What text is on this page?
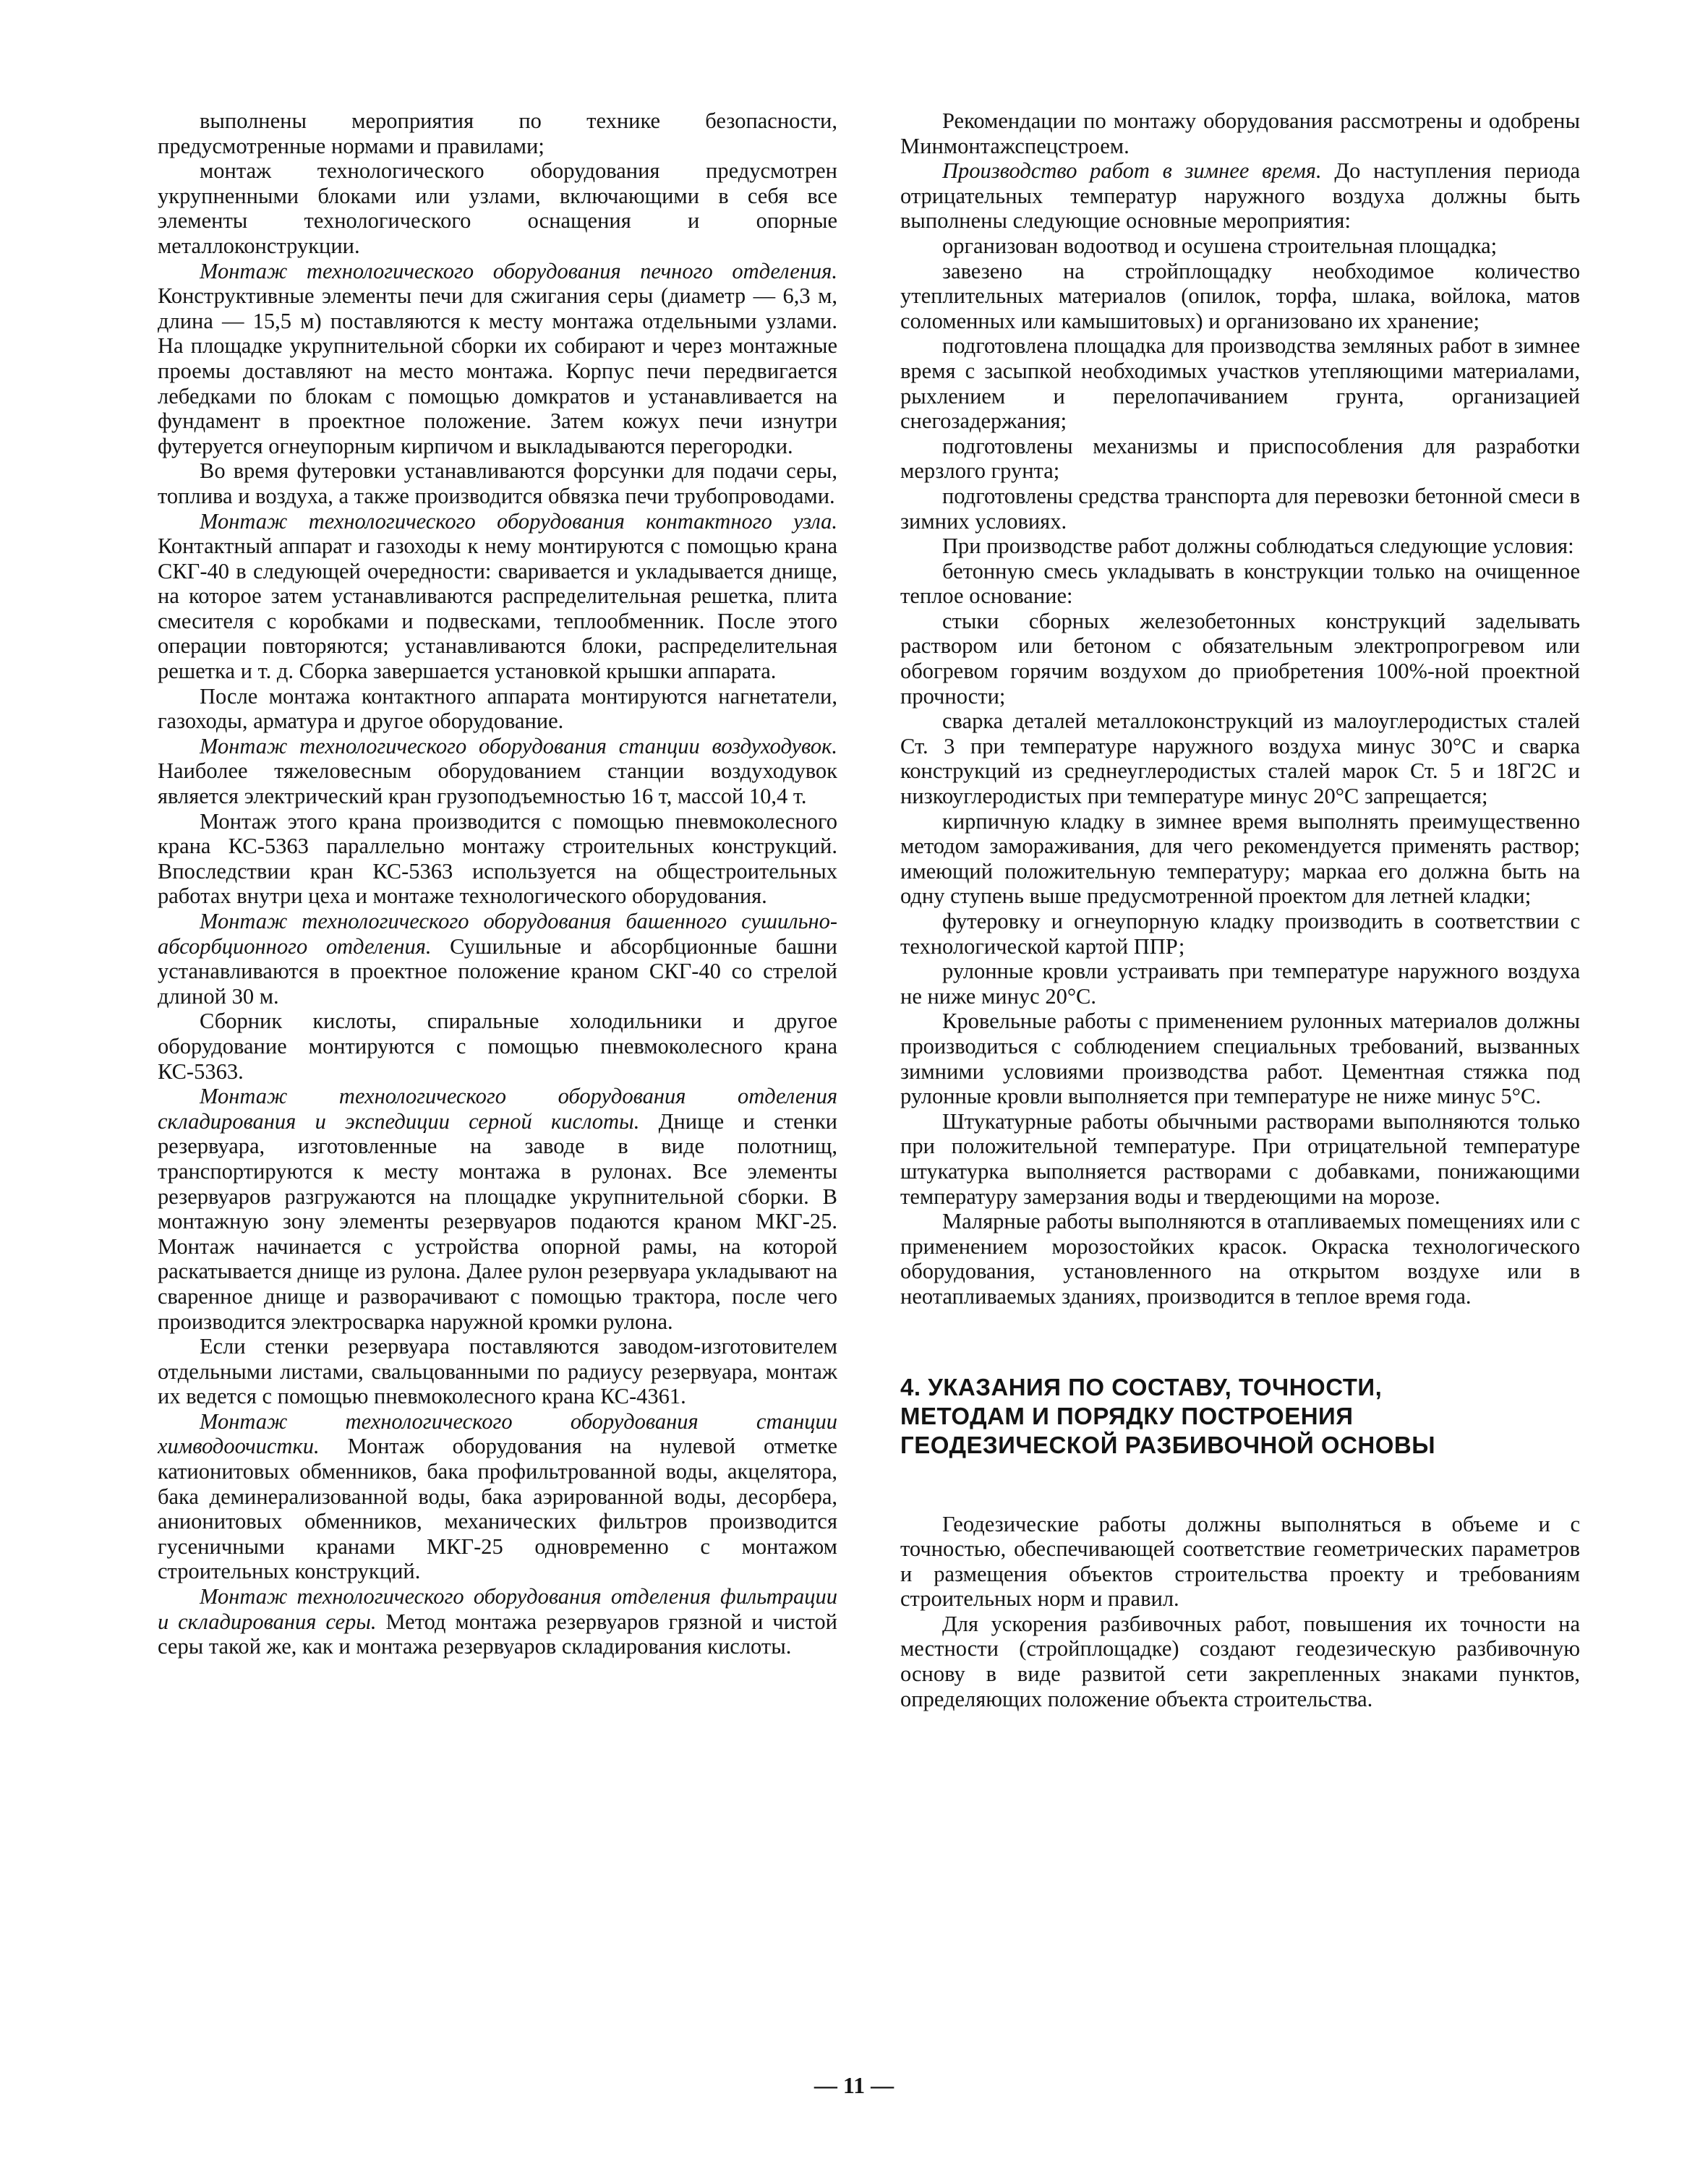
выполнены мероприятия по технике безопасности, предусмотренные нормами и правилами;

монтаж технологического оборудования предусмотрен укрупненными блоками или узлами, включающими в себя все элементы технологического оснащения и опорные металлоконструкции.

Монтаж технологического оборудования печного отделения. Конструктивные элементы печи для сжигания серы (диаметр — 6,3 м, длина — 15,5 м) поставляются к месту монтажа отдельными узлами. На площадке укрупнительной сборки их собирают и через монтажные проемы доставляют на место монтажа. Корпус печи передвигается лебедками по блокам с помощью домкратов и устанавливается на фундамент в проектное положение. Затем кожух печи изнутри футеруется огнеупорным кирпичом и выкладываются перегородки.

Во время футеровки устанавливаются форсунки для подачи серы, топлива и воздуха, а также производится обвязка печи трубопроводами.

Монтаж технологического оборудования контактного узла. Контактный аппарат и газоходы к нему монтируются с помощью крана СКГ-40 в следующей очередности: сваривается и укладывается днище, на которое затем устанавливаются распределительная решетка, плита смесителя с коробками и подвесками, теплообменник. После этого операции повторяются; устанавливаются блоки, распределительная решетка и т. д. Сборка завершается установкой крышки аппарата.

После монтажа контактного аппарата монтируются нагнетатели, газоходы, арматура и другое оборудование.

Монтаж технологического оборудования станции воздуходувок. Наиболее тяжеловесным оборудованием станции воздуходувок является электрический кран грузоподъемностью 16 т, массой 10,4 т.

Монтаж этого крана производится с помощью пневмоколесного крана КС-5363 параллельно монтажу строительных конструкций. Впоследствии кран КС-5363 используется на общестроительных работах внутри цеха и монтаже технологического оборудования.

Монтаж технологического оборудования башенного сушильно-абсорбционного отделения. Сушильные и абсорбционные башни устанавливаются в проектное положение краном СКГ-40 со стрелой длиной 30 м.

Сборник кислоты, спиральные холодильники и другое оборудование монтируются с помощью пневмоколесного крана КС-5363.

Монтаж технологического оборудования отделения складирования и экспедиции серной кислоты. Днище и стенки резервуара, изготовленные на заводе в виде полотнищ, транспортируются к месту монтажа в рулонах. Все элементы резервуаров разгружаются на площадке укрупнительной сборки. В монтажную зону элементы резервуаров подаются краном МКГ-25. Монтаж начинается с устройства опорной рамы, на которой раскатывается днище из рулона. Далее рулон резервуара укладывают на сваренное днище и разворачивают с помощью трактора, после чего производится электросварка наружной кромки рулона.

Если стенки резервуара поставляются заводом-изготовителем отдельными листами, свальцованными по радиусу резервуара, монтаж их ведется с помощью пневмоколесного крана КС-4361.

Монтаж технологического оборудования станции химводоочистки. Монтаж оборудования на нулевой отметке катионитовых обменников, бака профильтрованной воды, акцелятора, бака деминерализованной воды, бака аэрированной воды, десорбера, анионитовых обменников, механических фильтров производится гусеничными кранами МКГ-25 одновременно с монтажом строительных конструкций.

Монтаж технологического оборудования отделения фильтрации и складирования серы. Метод монтажа резервуаров грязной и чистой серы такой же, как и монтажа резервуаров складирования кислоты.

Рекомендации по монтажу оборудования рассмотрены и одобрены Минмонтажспецстроем.

Производство работ в зимнее время. До наступления периода отрицательных температур наружного воздуха должны быть выполнены следующие основные мероприятия:

организован водоотвод и осушена строительная площадка;

завезено на стройплощадку необходимое количество утеплительных материалов (опилок, торфа, шлака, войлока, матов соломенных или камышитовых) и организовано их хранение;

подготовлена площадка для производства земляных работ в зимнее время с засыпкой необходимых участков утепляющими материалами, рыхлением и перелопачиванием грунта, организацией снегозадержания;

подготовлены механизмы и приспособления для разработки мерзлого грунта;

подготовлены средства транспорта для перевозки бетонной смеси в зимних условиях.

При производстве работ должны соблюдаться следующие условия:

бетонную смесь укладывать в конструкции только на очищенное теплое основание:

стыки сборных железобетонных конструкций заделывать раствором или бетоном с обязательным электропрогревом или обогревом горячим воздухом до приобретения 100%-ной проектной прочности;

сварка деталей металлоконструкций из малоуглеродистых сталей Ст. 3 при температуре наружного воздуха минус 30°С и сварка конструкций из среднеуглеродистых сталей марок Ст. 5 и 18Г2С и низкоуглеродистых при температуре минус 20°С запрещается;

кирпичную кладку в зимнее время выполнять преимущественно методом замораживания, для чего рекомендуется применять раствор; имеющий положительную температуру; маркаа его должна быть на одну ступень выше предусмотренной проектом для летней кладки;

футеровку и огнеупорную кладку производить в соответствии с технологической картой ППР;

рулонные кровли устраивать при температуре наружного воздуха не ниже минус 20°С.

Кровельные работы с применением рулонных материалов должны производиться с соблюдением специальных требований, вызванных зимними условиями производства работ. Цементная стяжка под рулонные кровли выполняется при температуре не ниже минус 5°С.

Штукатурные работы обычными растворами выполняются только при положительной температуре. При отрицательной температуре штукатурка выполняется растворами с добавками, понижающими температуру замерзания воды и твердеющими на морозе.

Малярные работы выполняются в отапливаемых помещениях или с применением морозостойких красок. Окраска технологического оборудования, установленного на открытом воздухе или в неотапливаемых зданиях, производится в теплое время года.

4. УКАЗАНИЯ ПО СОСТАВУ, ТОЧНОСТИ,
МЕТОДАМ И ПОРЯДКУ ПОСТРОЕНИЯ
ГЕОДЕЗИЧЕСКОЙ РАЗБИВОЧНОЙ ОСНОВЫ

Геодезические работы должны выполняться в объеме и с точностью, обеспечивающей соответствие геометрических параметров и размещения объектов строительства проекту и требованиям строительных норм и правил.

Для ускорения разбивочных работ, повышения их точности на местности (стройплощадке) создают геодезическую разбивочную основу в виде развитой сети закрепленных знаками пунктов, определяющих положение объекта строительства.

— 11 —
